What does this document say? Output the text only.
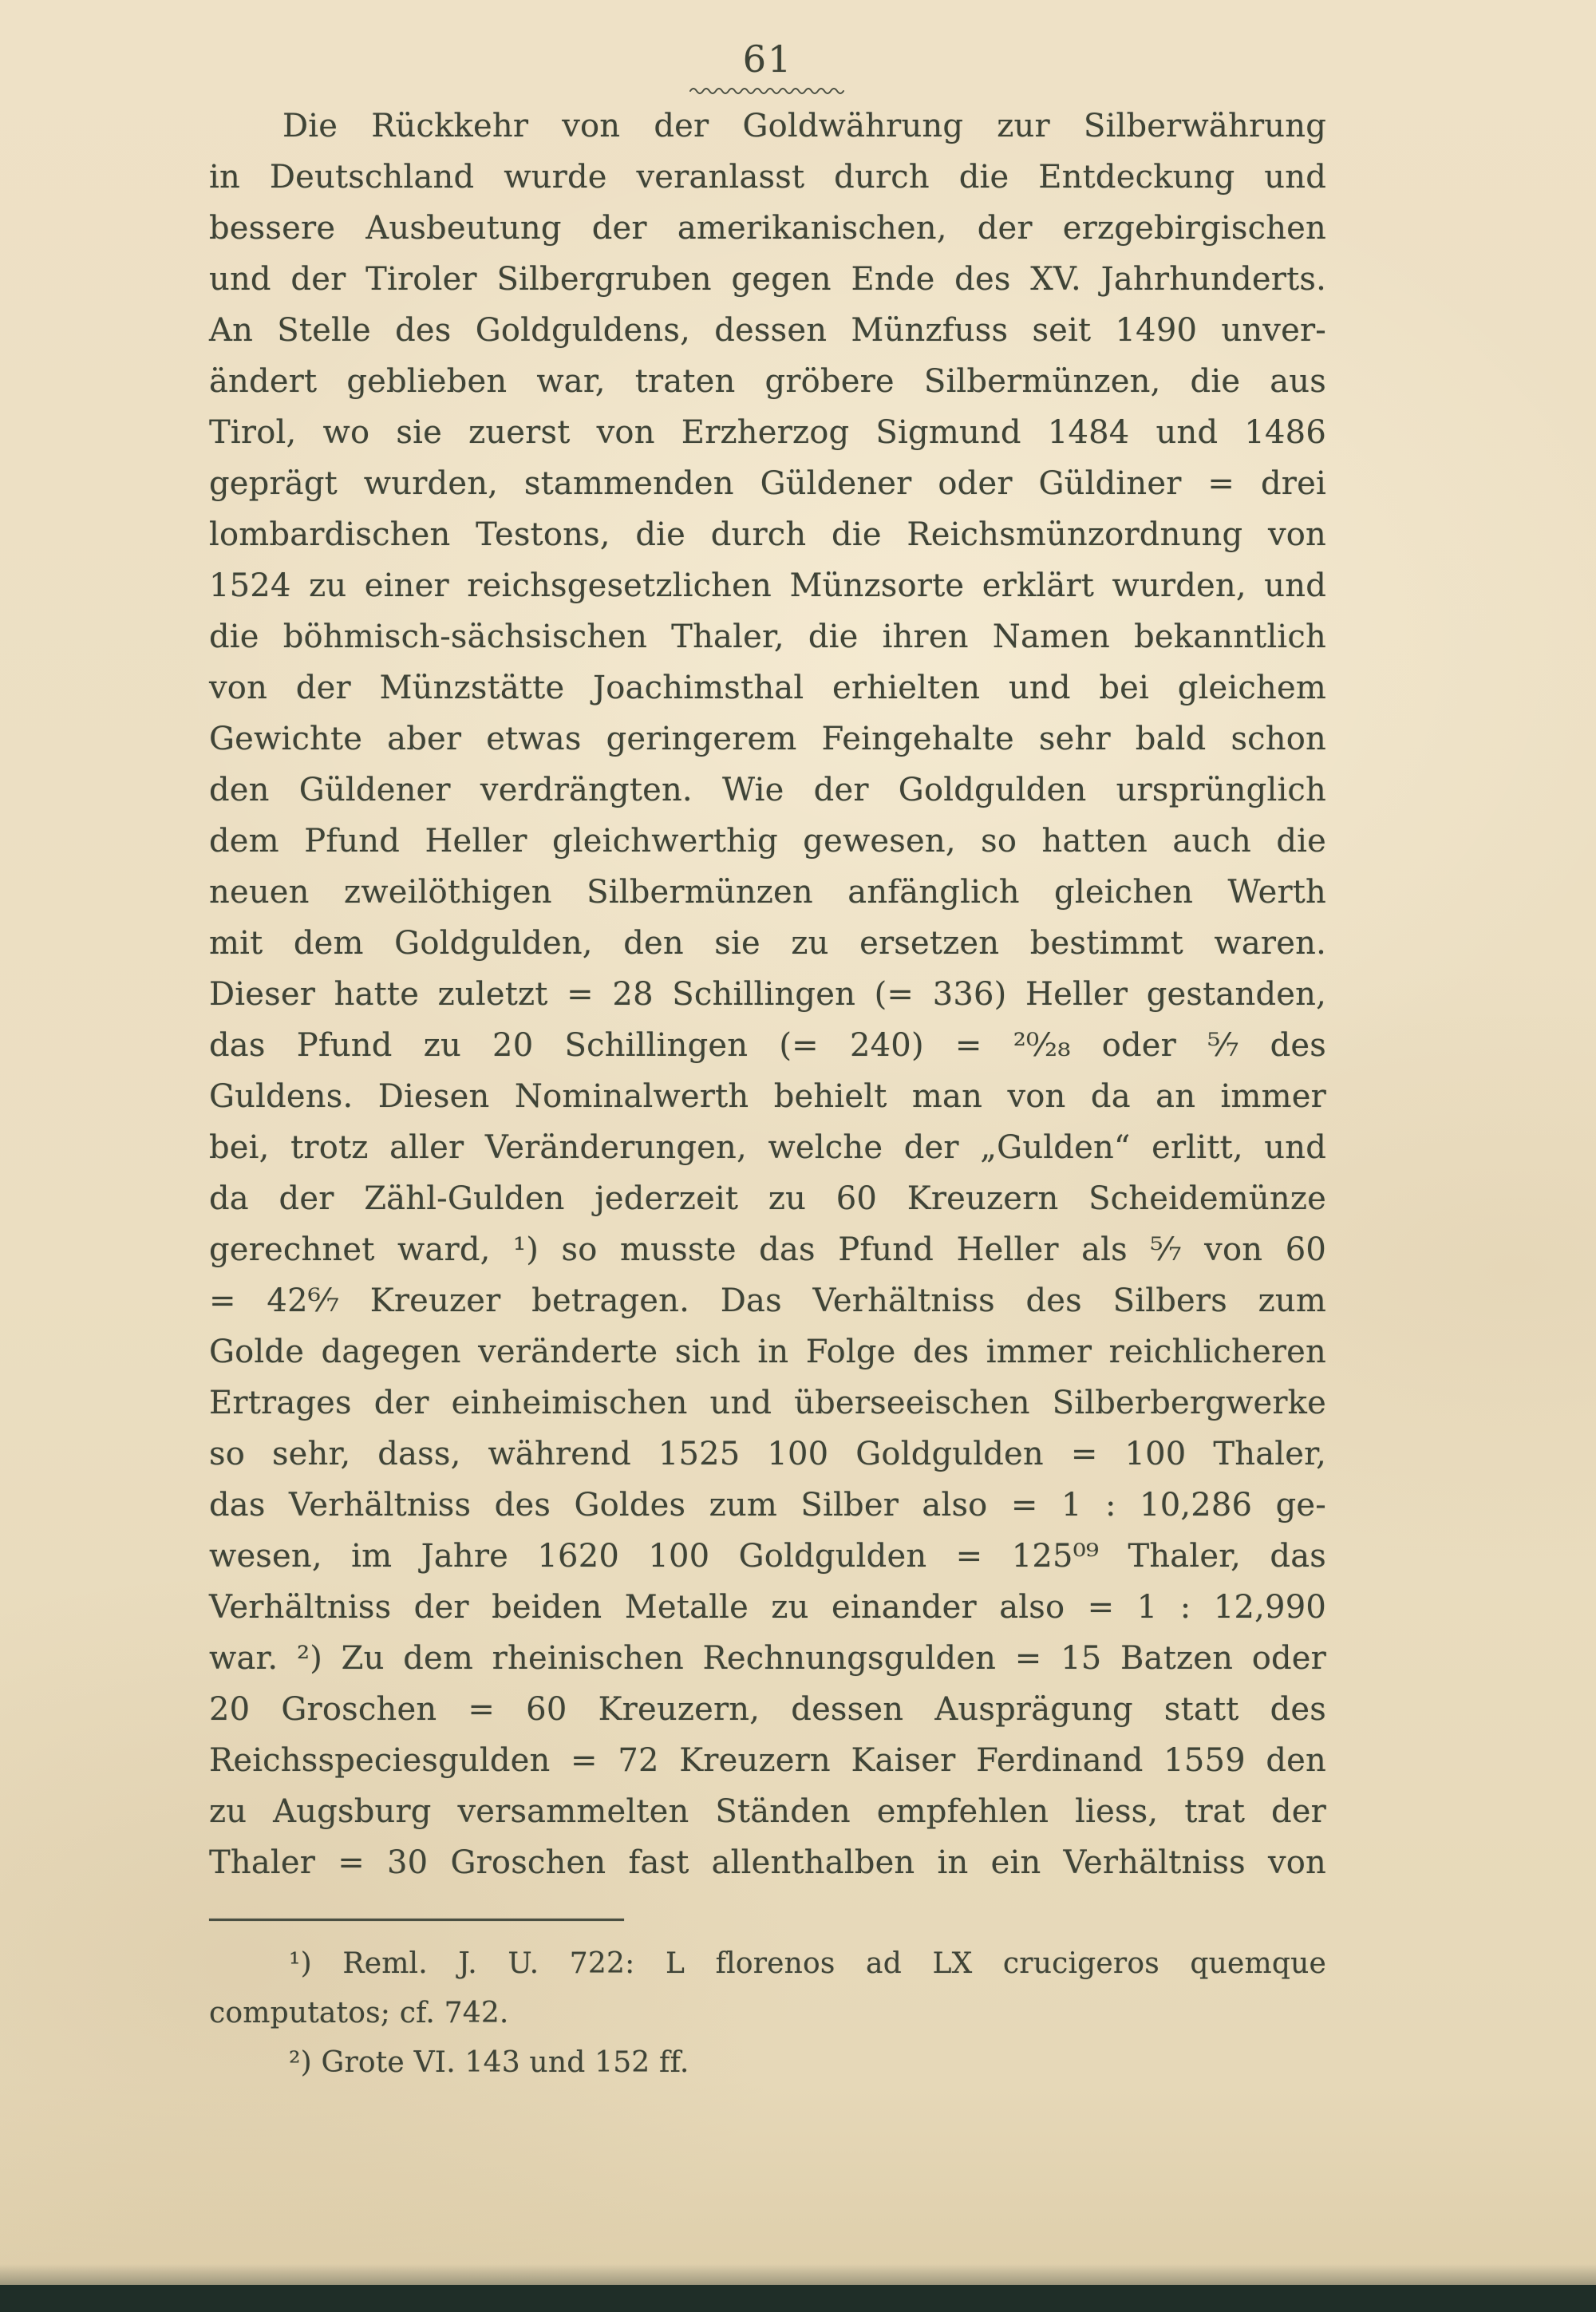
61
Die Rückkehr von der Goldwährung zur Silberwährung
in Deutschland wurde veranlasst durch die Entdeckung und
bessere Ausbeutung der amerikanischen, der erzgebirgischen
und der Tiroler Silbergruben gegen Ende des XV. Jahrhunderts.
An Stelle des Goldguldens, dessen Münzfuss seit 1490 unver-
ändert geblieben war, traten gröbere Silbermünzen, die aus
Tirol, wo sie zuerst von Erzherzog Sigmund 1484 und 1486
geprägt wurden, stammenden Güldener oder Güldiner = drei
lombardischen Testons, die durch die Reichsmünzordnung von
1524 zu einer reichsgesetzlichen Münzsorte erklärt wurden, und
die böhmisch-sächsischen Thaler, die ihren Namen bekanntlich
von der Münzstätte Joachimsthal erhielten und bei gleichem
Gewichte aber etwas geringerem Feingehalte sehr bald schon
den Güldener verdrängten. Wie der Goldgulden ursprünglich
dem Pfund Heller gleichwerthig gewesen, so hatten auch die
neuen zweilöthigen Silbermünzen anfänglich gleichen Werth
mit dem Goldgulden, den sie zu ersetzen bestimmt waren.
Dieser hatte zuletzt = 28 Schillingen (= 336) Heller gestanden,
das Pfund zu 20 Schillingen (= 240) = ²⁰⁄₂₈ oder ⁵⁄₇ des
Guldens. Diesen Nominalwerth behielt man von da an immer
bei, trotz aller Veränderungen, welche der „Gulden“ erlitt, und
da der Zähl-Gulden jederzeit zu 60 Kreuzern Scheidemünze
gerechnet ward, ¹) so musste das Pfund Heller als ⁵⁄₇ von 60
= 42⁶⁄₇ Kreuzer betragen. Das Verhältniss des Silbers zum
Golde dagegen veränderte sich in Folge des immer reichlicheren
Ertrages der einheimischen und überseeischen Silberbergwerke
so sehr, dass, während 1525 100 Goldgulden = 100 Thaler,
das Verhältniss des Goldes zum Silber also = 1 : 10,286 ge-
wesen, im Jahre 1620 100 Goldgulden = 125⁰⁹ Thaler, das
Verhältniss der beiden Metalle zu einander also = 1 : 12,990
war. ²) Zu dem rheinischen Rechnungsgulden = 15 Batzen oder
20 Groschen = 60 Kreuzern, dessen Ausprägung statt des
Reichsspeciesgulden = 72 Kreuzern Kaiser Ferdinand 1559 den
zu Augsburg versammelten Ständen empfehlen liess, trat der
Thaler = 30 Groschen fast allenthalben in ein Verhältniss von
¹) Reml. J. U. 722: L florenos ad LX crucigeros quemque
computatos; cf. 742.
²) Grote VI. 143 und 152 ff.
